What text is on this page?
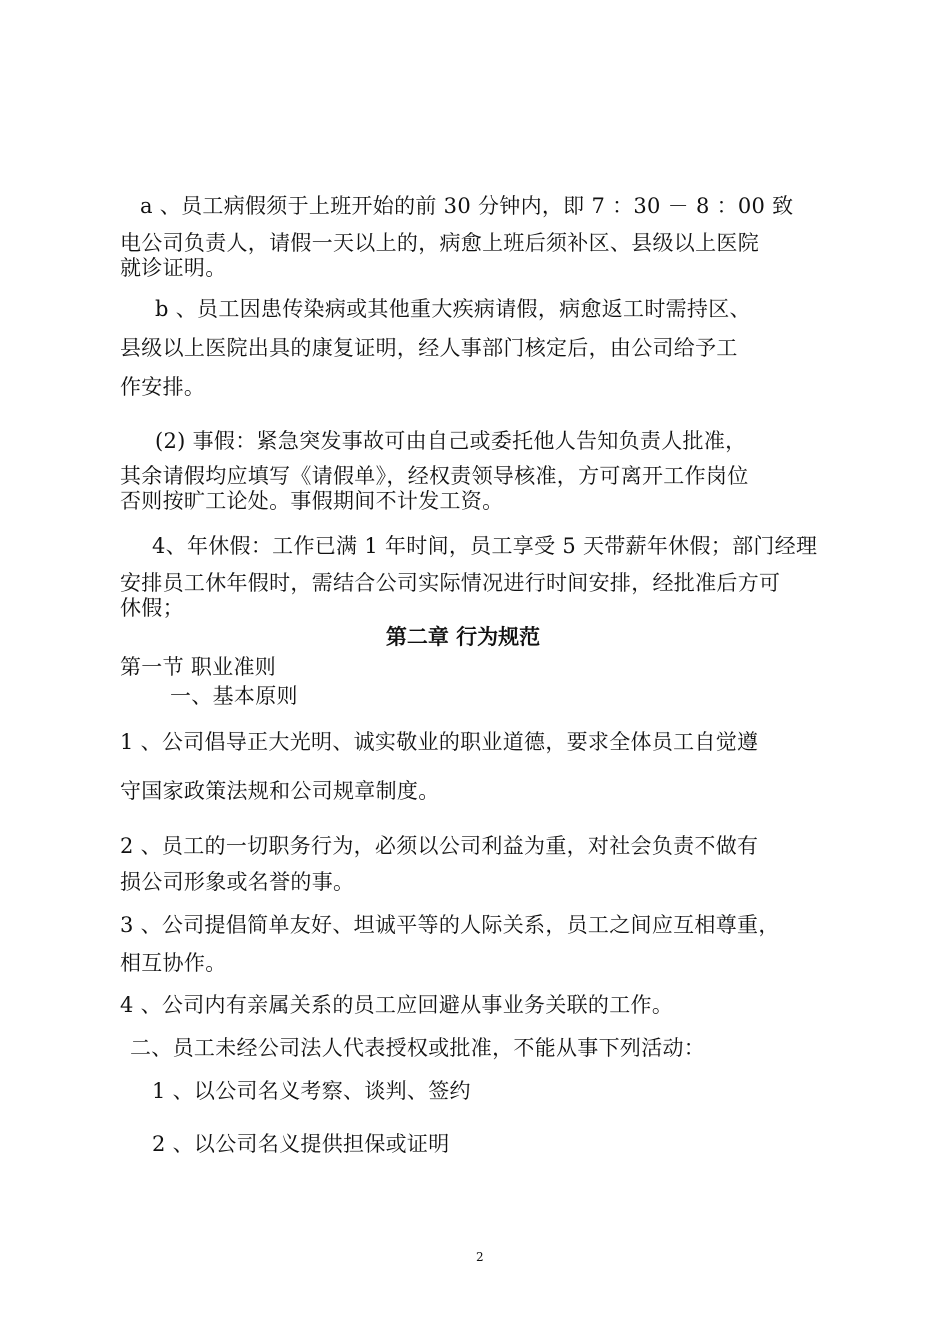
a 、员工病假须于上班开始的前 30 分钟内，即 7 ：30 － 8 ：00 致
电公司负责人，请假一天以上的，病愈上班后须补区、县级以上医院
就诊证明。
b 、员工因患传染病或其他重大疾病请假，病愈返工时需持区、
县级以上医院出具的康复证明，经人事部门核定后，由公司给予工
作安排。
(2) 事假：紧急突发事故可由自己或委托他人告知负责人批准，
其余请假均应填写《请假单》，经权责领导核准，方可离开工作岗位
否则按旷工论处。事假期间不计发工资。
4、年休假：工作已满 1 年时间，员工享受 5 天带薪年休假；部门经理
安排员工休年假时，需结合公司实际情况进行时间安排，经批准后方可
休假；
第二章 行为规范
第一节 职业准则
一、基本原则
1 、公司倡导正大光明、诚实敬业的职业道德，要求全体员工自觉遵
守国家政策法规和公司规章制度。
2 、员工的一切职务行为，必须以公司利益为重，对社会负责不做有
损公司形象或名誉的事。
3 、公司提倡简单友好、坦诚平等的人际关系，员工之间应互相尊重，
相互协作。
4 、公司内有亲属关系的员工应回避从事业务关联的工作。
二、员工未经公司法人代表授权或批准，不能从事下列活动：
1 、以公司名义考察、谈判、签约
2 、以公司名义提供担保或证明
2
